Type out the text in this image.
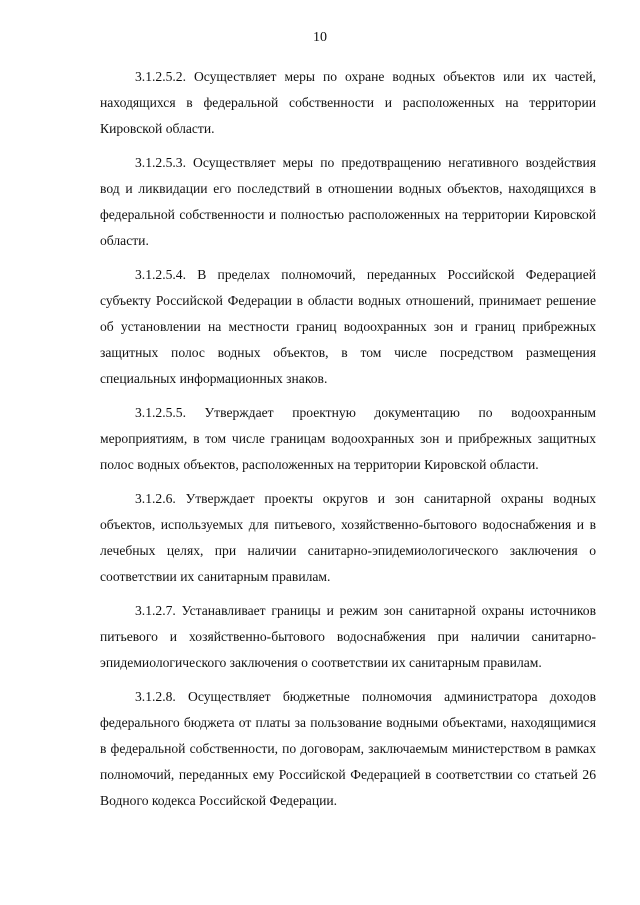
10

3.1.2.5.2. Осуществляет меры по охране водных объектов или их частей, находящихся в федеральной собственности и расположенных на территории Кировской области.

3.1.2.5.3. Осуществляет меры по предотвращению негативного воздействия вод и ликвидации его последствий в отношении водных объектов, находящихся в федеральной собственности и полностью расположенных на территории Кировской области.

3.1.2.5.4. В пределах полномочий, переданных Российской Федерацией субъекту Российской Федерации в области водных отношений, принимает решение об установлении на местности границ водоохранных зон и границ прибрежных защитных полос водных объектов, в том числе посредством размещения специальных информационных знаков.

3.1.2.5.5. Утверждает проектную документацию по водоохранным мероприятиям, в том числе границам водоохранных зон и прибрежных защитных полос водных объектов, расположенных на территории Кировской области.

3.1.2.6. Утверждает проекты округов и зон санитарной охраны водных объектов, используемых для питьевого, хозяйственно-бытового водоснабжения и в лечебных целях, при наличии санитарно-эпидемиологического заключения о соответствии их санитарным правилам.

3.1.2.7. Устанавливает границы и режим зон санитарной охраны источников питьевого и хозяйственно-бытового водоснабжения при наличии санитарно-эпидемиологического заключения о соответствии их санитарным правилам.

3.1.2.8. Осуществляет бюджетные полномочия администратора доходов федерального бюджета от платы за пользование водными объектами, находящимися в федеральной собственности, по договорам, заключаемым министерством в рамках полномочий, переданных ему Российской Федерацией в соответствии со статьей 26 Водного кодекса Российской Федерации.
